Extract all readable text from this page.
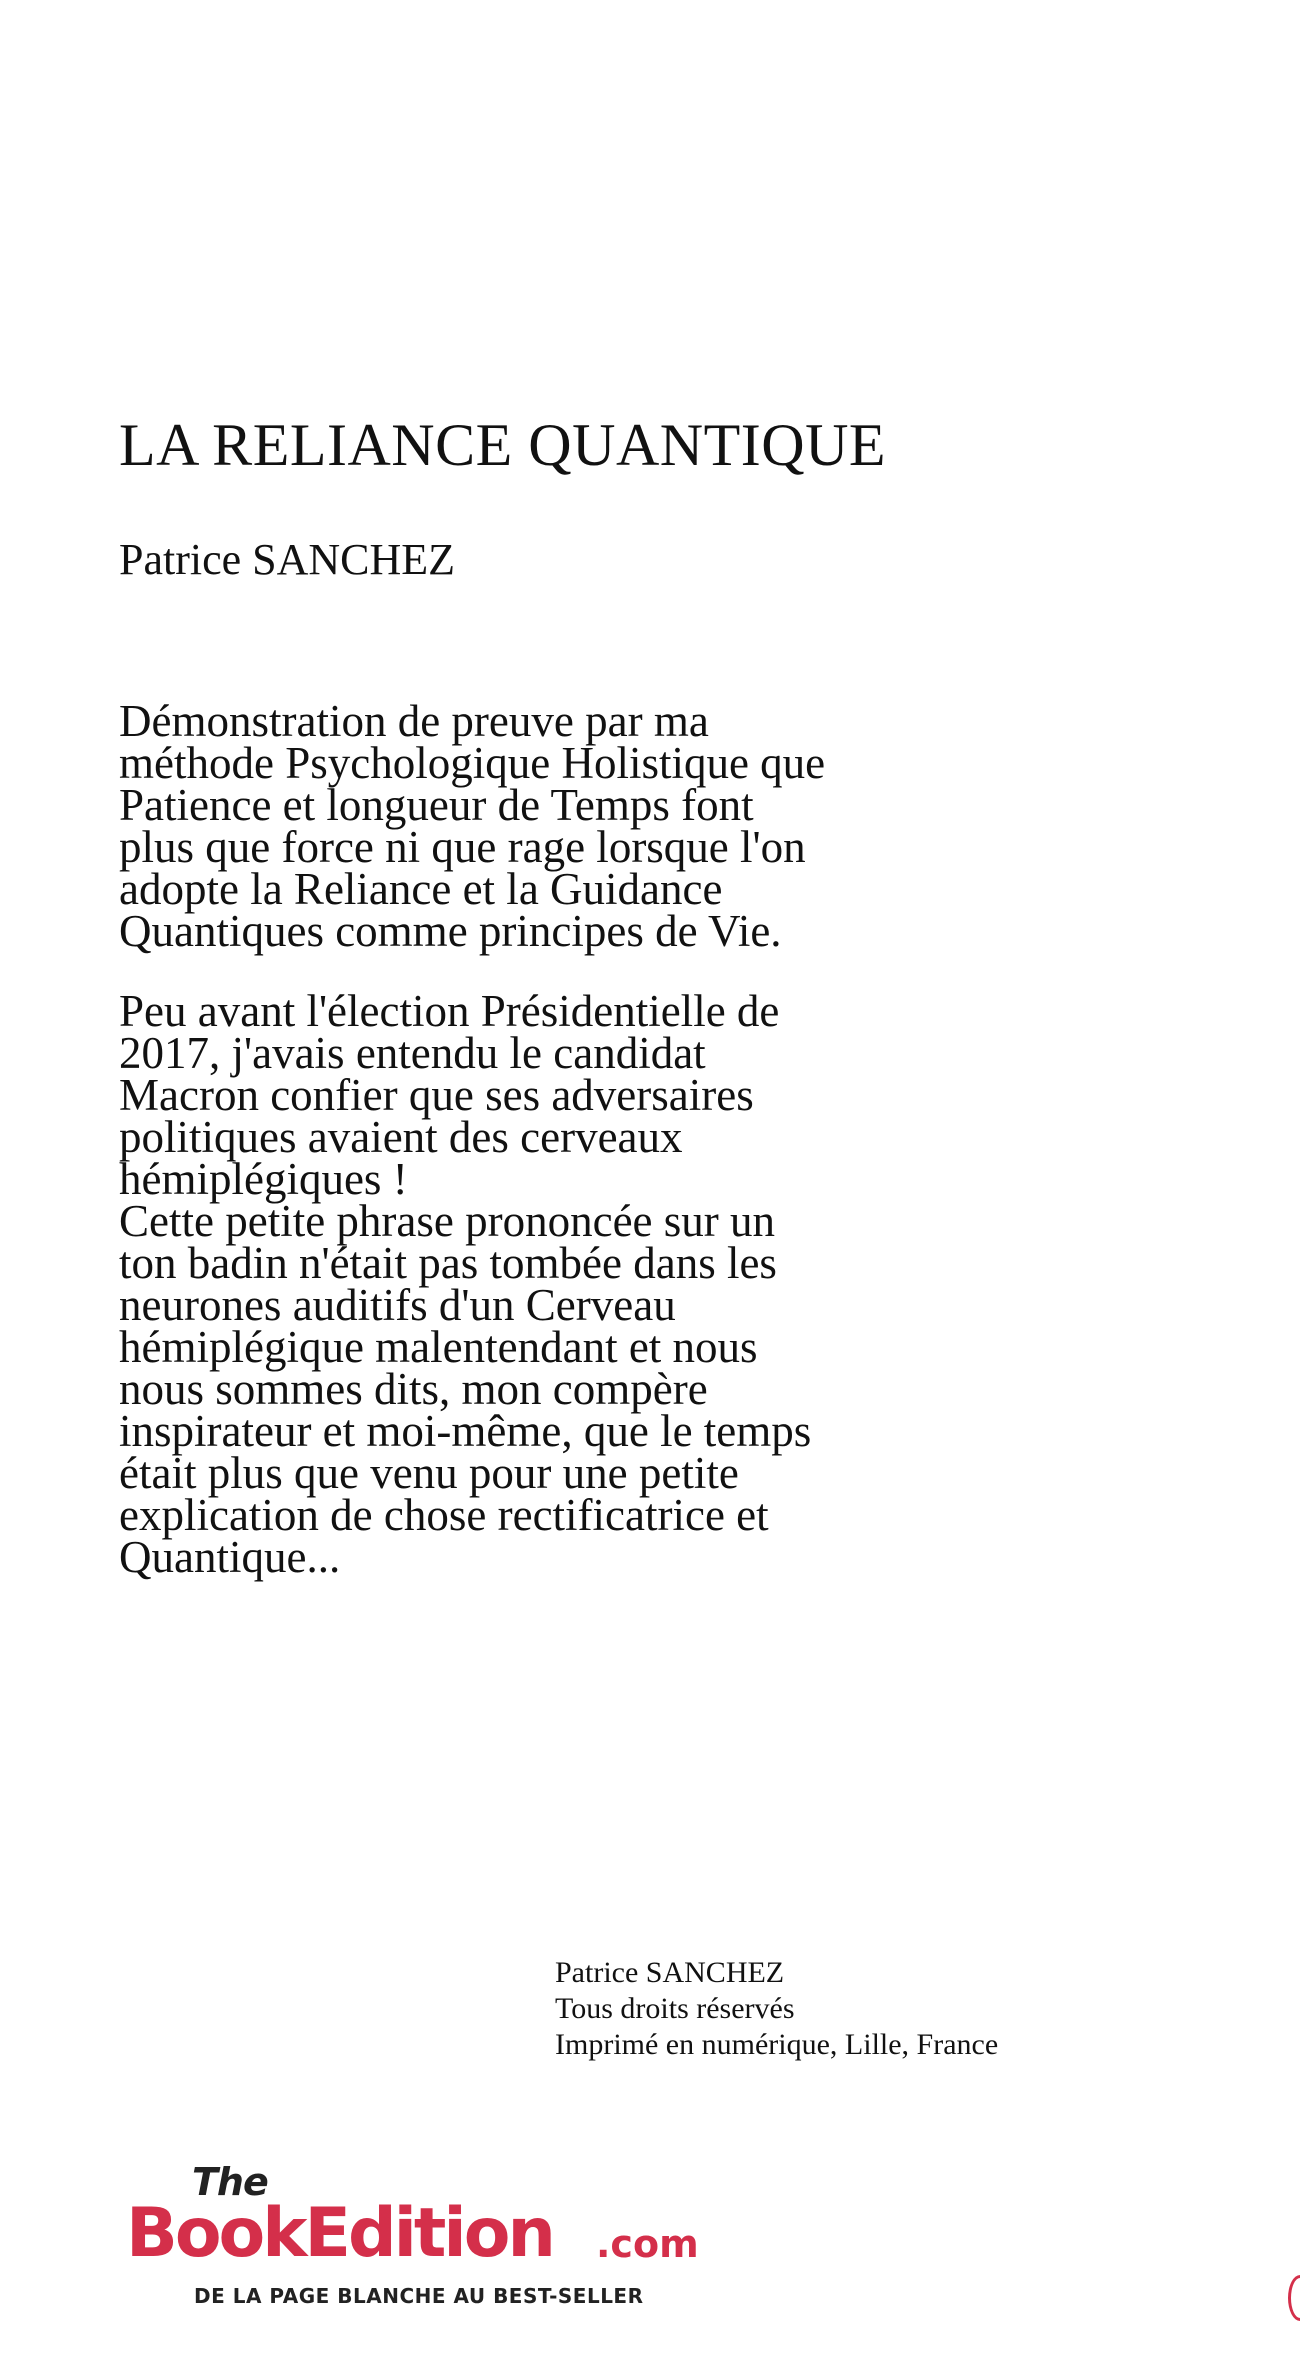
LA RELIANCE QUANTIQUE
Patrice SANCHEZ

Démonstration de preuve par ma
méthode Psychologique Holistique que
Patience et longueur de Temps font
plus que force ni que rage lorsque l'on
adopte la Reliance et la Guidance
Quantiques comme principes de Vie.

Peu avant l'élection Présidentielle de
2017, j'avais entendu le candidat
Macron confier que ses adversaires
politiques avaient des cerveaux
hémiplégiques !
Cette petite phrase prononcée sur un
ton badin n'était pas tombée dans les
neurones auditifs d'un Cerveau
hémiplégique malentendant et nous
nous sommes dits, mon compère
inspirateur et moi-même, que le temps
était plus que venu pour une petite
explication de chose rectificatrice et
Quantique...

Patrice SANCHEZ
Tous droits réservés
Imprimé en numérique, Lille, France
The
BookEdition .com
DE LA PAGE BLANCHE AU BEST-SELLER
